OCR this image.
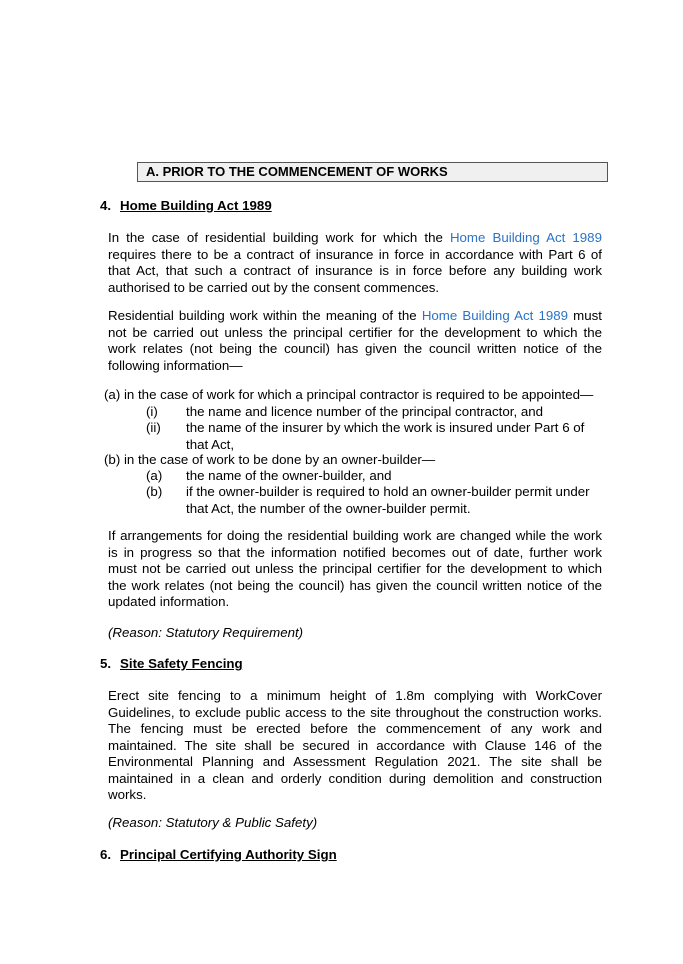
A. PRIOR TO THE COMMENCEMENT OF WORKS
4. Home Building Act 1989

In the case of residential building work for which the Home Building Act 1989 requires there to be a contract of insurance in force in accordance with Part 6 of that Act, that such a contract of insurance is in force before any building work authorised to be carried out by the consent commences.

Residential building work within the meaning of the Home Building Act 1989 must not be carried out unless the principal certifier for the development to which the work relates (not being the council) has given the council written notice of the following information—

(a) in the case of work for which a principal contractor is required to be appointed—
(i) the name and licence number of the principal contractor, and
(ii) the name of the insurer by which the work is insured under Part 6 of that Act,
(b) in the case of work to be done by an owner-builder—
(a) the name of the owner-builder, and
(b) if the owner-builder is required to hold an owner-builder permit under that Act, the number of the owner-builder permit.

If arrangements for doing the residential building work are changed while the work is in progress so that the information notified becomes out of date, further work must not be carried out unless the principal certifier for the development to which the work relates (not being the council) has given the council written notice of the updated information.

(Reason: Statutory Requirement)
5. Site Safety Fencing

Erect site fencing to a minimum height of 1.8m complying with WorkCover Guidelines, to exclude public access to the site throughout the construction works. The fencing must be erected before the commencement of any work and maintained. The site shall be secured in accordance with Clause 146 of the Environmental Planning and Assessment Regulation 2021. The site shall be maintained in a clean and orderly condition during demolition and construction works.

(Reason: Statutory & Public Safety)
6. Principal Certifying Authority Sign
